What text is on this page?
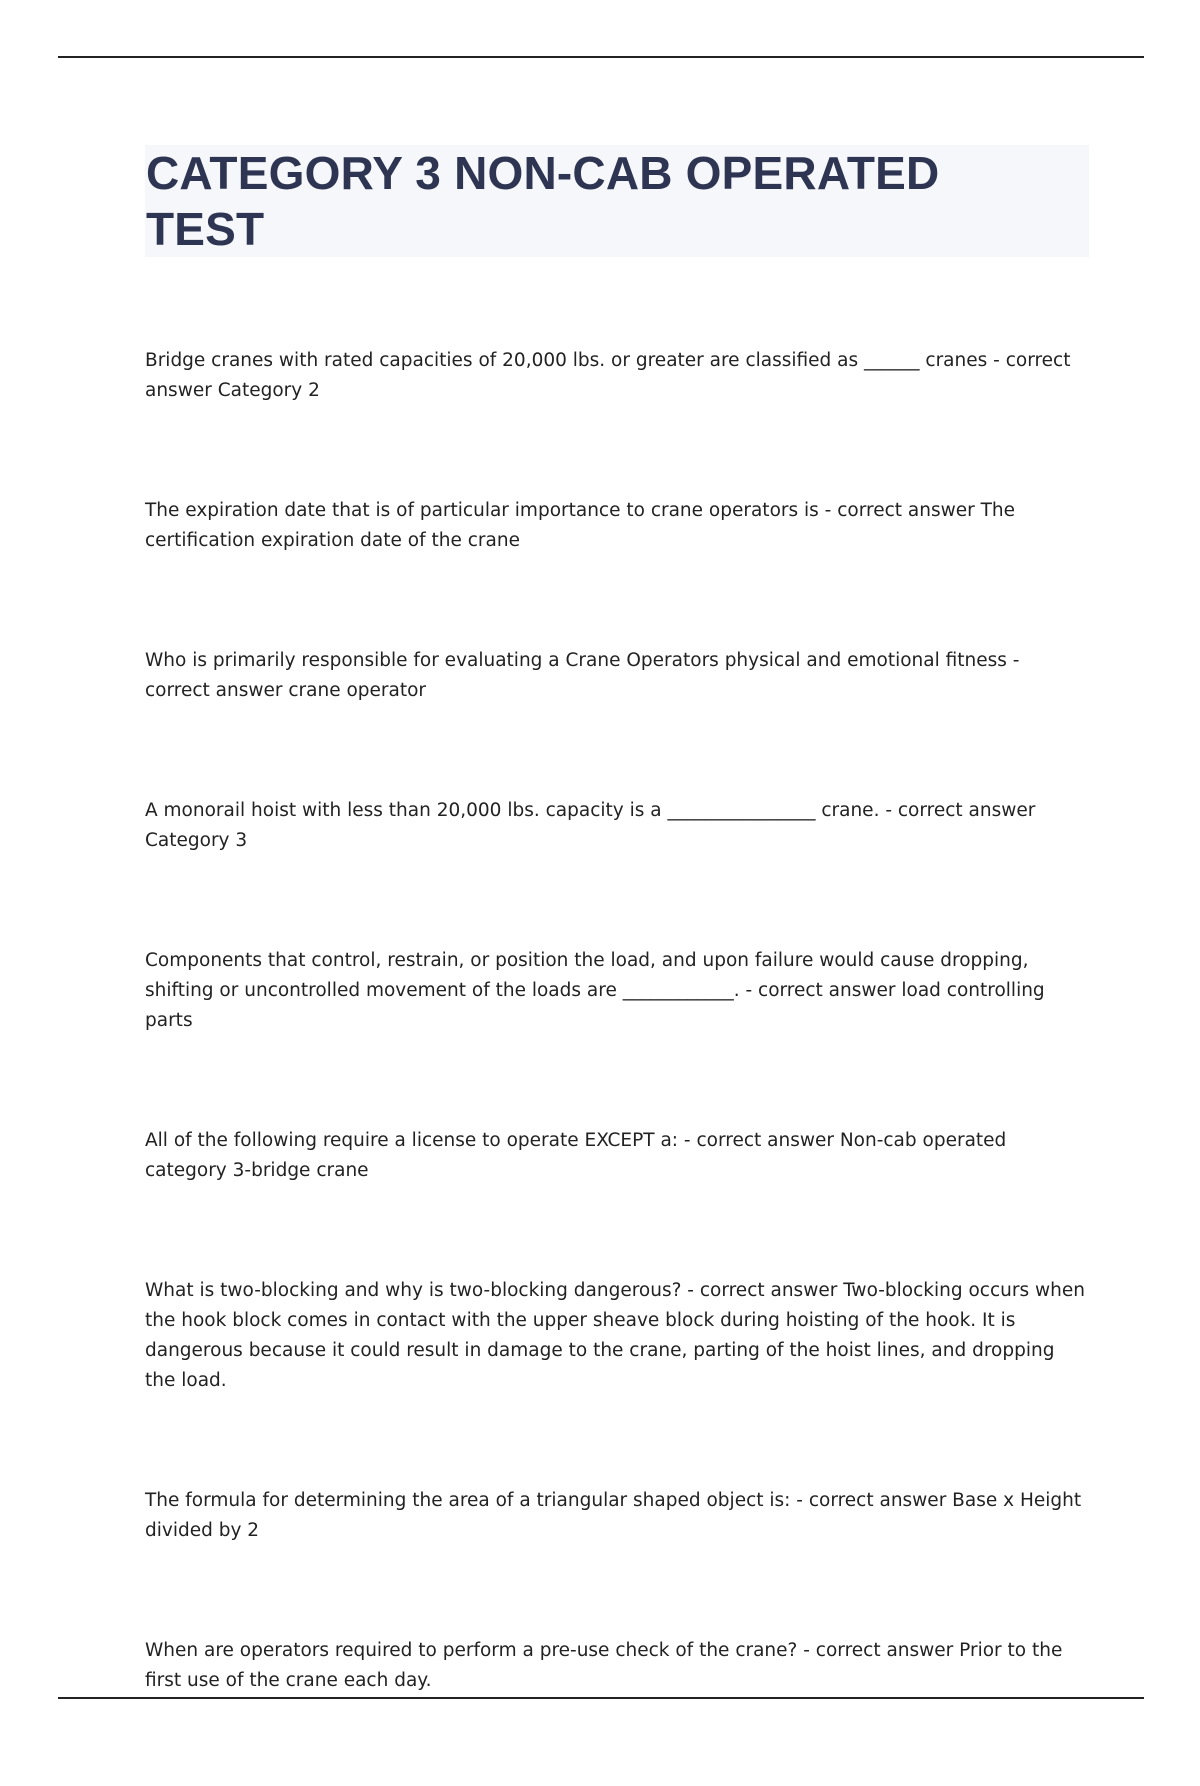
CATEGORY 3 NON-CAB OPERATED TEST
Bridge cranes with rated capacities of 20,000 lbs. or greater are classified as ______ cranes - correct answer Category 2
The expiration date that is of particular importance to crane operators is - correct answer The certification expiration date of the crane
Who is primarily responsible for evaluating a Crane Operators physical and emotional fitness - correct answer crane operator
A monorail hoist with less than 20,000 lbs. capacity is a ________________ crane. - correct answer Category 3
Components that control, restrain, or position the load, and upon failure would cause dropping, shifting or uncontrolled movement of the loads are ____________. - correct answer load controlling parts
All of the following require a license to operate EXCEPT a: - correct answer Non-cab operated category 3-bridge crane
What is two-blocking and why is two-blocking dangerous? - correct answer Two-blocking occurs when the hook block comes in contact with the upper sheave block during hoisting of the hook. It is dangerous because it could result in damage to the crane, parting of the hoist lines, and dropping the load.
The formula for determining the area of a triangular shaped object is: - correct answer Base x Height divided by 2
When are operators required to perform a pre-use check of the crane? - correct answer Prior to the first use of the crane each day.
